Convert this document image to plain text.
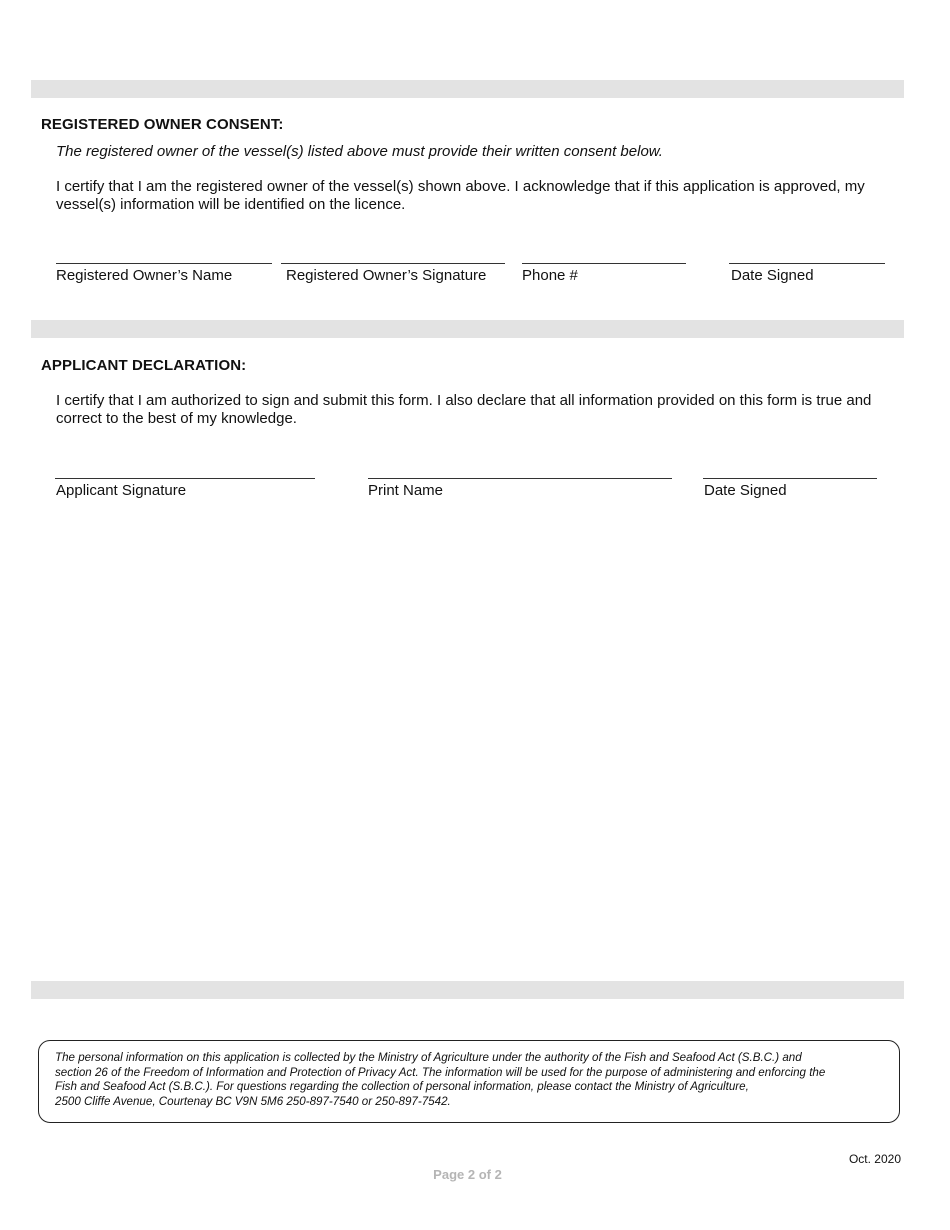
REGISTERED OWNER CONSENT:
The registered owner of the vessel(s) listed above must provide their written consent below.
I certify that I am the registered owner of the vessel(s) shown above. I acknowledge that if this application is approved, my vessel(s) information will be identified on the licence.
Registered Owner’s Name	Registered Owner’s Signature Phone #	Date Signed
APPLICANT DECLARATION:
I certify that I am authorized to sign and submit this form. I also declare that all information provided on this form is true and correct to the best of my knowledge.
Applicant Signature	Print Name	Date Signed
The personal information on this application is collected by the Ministry of Agriculture under the authority of the Fish and Seafood Act (S.B.C.) and
section 26 of the Freedom of Information and Protection of Privacy Act. The information will be used for the purpose of administering and enforcing the
Fish and Seafood Act (S.B.C.). For questions regarding the collection of personal information, please contact the Ministry of Agriculture,
2500 Cliffe Avenue, Courtenay BC V9N 5M6 250-897-7540 or 250-897-7542.
Oct. 2020
Page 2 of 2
